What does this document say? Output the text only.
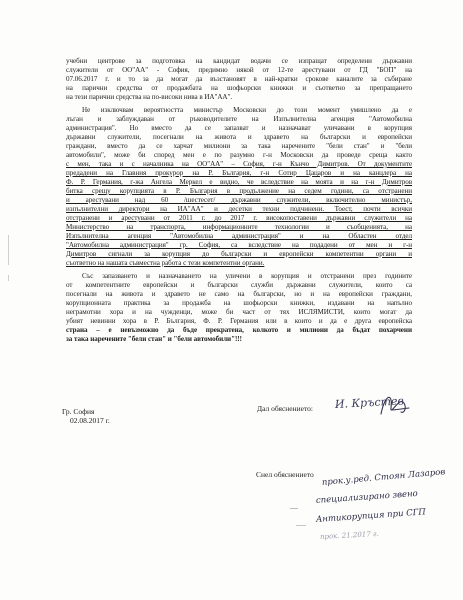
учебни центрове за подготовка на кандидат водачи се изпращат определени държавни
служители от ОО"АА" - София, предимно някой от 12-те арестувани от ГД "БОП" на
07.06.2017 г. и то за да могат да възстановят в най-кратки срокове каналите за събиране
на парични средства от продажбата на шофьорски книжки и съответно за препращането
на тези парични средства на по-високи нива в ИА"АА".
Не изключвам вероятността министър Московски до този момент умишлено да е
лъган и заблуждаван от ръководителите на Изпълнителна агенция "Автомобилна
администрация". Но вместо да се запазват и назначават уличавани в корупция
държавни служители, посегнали на живота и здравето на български и европейски
граждани, вместо да се харчат милиони за така наречените "бели стан" и "бели
автомобили", може би според мен е по разумно г-н Московски да проведе среща както
с мен, така и с началника на ОО"АА" – София, г-н Кънчо Димитров. От документите
предадени на Главния прокурор на Р. България, г-н Сотир Цацаров и на канцлера на
Ф. Р. Германия, г-жа Ангела Меркел е видно, че вследствие на моята и на г-н Димитров
битка срещу корупцията в Р. България в продължение на седем години, са отстранени
и арестувани над 60 /шестесет/ държавни служители, включително министър,
изпълнителни директори на ИА"АА" и десетки техни подчинени. Тоест, почти всички
отстранени и арестувани от 2011 г. до 2017 г. високопоставени държавни служители на
Министерство на транспорта, информационните технологии и съобщенията, на
Изпълнителна агенция "Автомобилна администрация" и на Областен отдел
"Автомобилна администрация" гр. София, са вследствие на подадени от мен и г-н
Димитров сигнали за корупция до български и европейски компетентни органи и
съответно на нашата съвместна работа с тези компетентни органи.
Със запазването и назначаването на уличени в корупция и отстранени през годините
от компетентните европейски и български служби държавни служители, които са
посегнали на живота и здравето не само на български, но и на европейски граждани,
корупционната практика за продажба на шофьорски книжки, издавани на напълно
неграмотни хора и на чужденци, може би част от тях ИСЛЯМИСТИ, които могат да
убият невинни хора в Р. България, Ф. Р. Германия или в които и да е друга европейска
страна – е невъзможно да бъде прекратена, колкото и милиони да бъдат похарчени
за така наречените "бели стан" и "бели автомобили"!!!
Гр. София
02.08.2017 г.
Дал обяснението: И. Кръстев
Снел обяснението прок.у.ред. Стоян Лазаров
специализирано звено
Антикорупция при СГП
прок. 21.2017 г.
